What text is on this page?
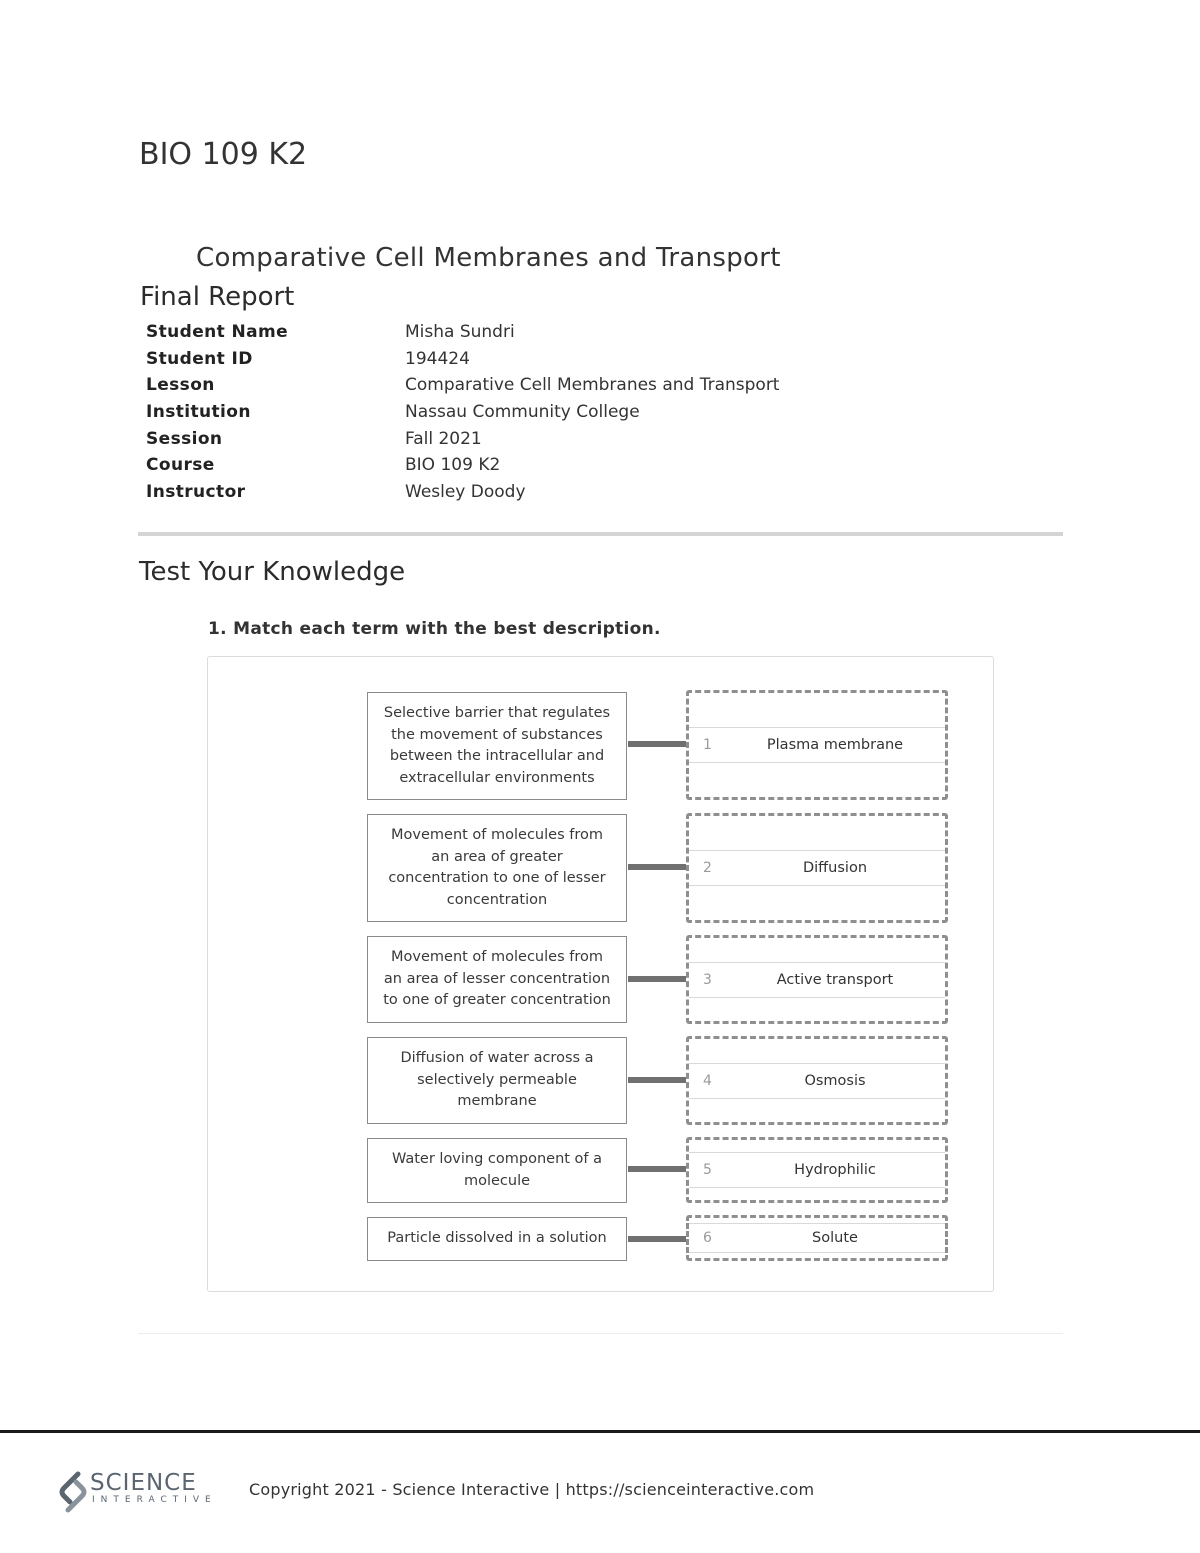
BIO 109 K2
Comparative Cell Membranes and Transport
Final Report
Student Name	Misha Sundri
Student ID	194424
Lesson	Comparative Cell Membranes and Transport
Institution	Nassau Community College
Session	Fall 2021
Course	BIO 109 K2
Instructor	Wesley Doody
Test Your Knowledge
1. Match each term with the best description.
Selective barrier that regulates the movement of substances between the intracellular and extracellular environments
1	Plasma membrane
Movement of molecules from an area of greater concentration to one of lesser concentration
2	Diffusion
Movement of molecules from an area of lesser concentration to one of greater concentration
3	Active transport
Diffusion of water across a selectively permeable membrane
4	Osmosis
Water loving component of a molecule
5	Hydrophilic
Particle dissolved in a solution	6	Solute
SCIENCE
INTERACTIVE
Copyright 2021 - Science Interactive | https://scienceinteractive.com
